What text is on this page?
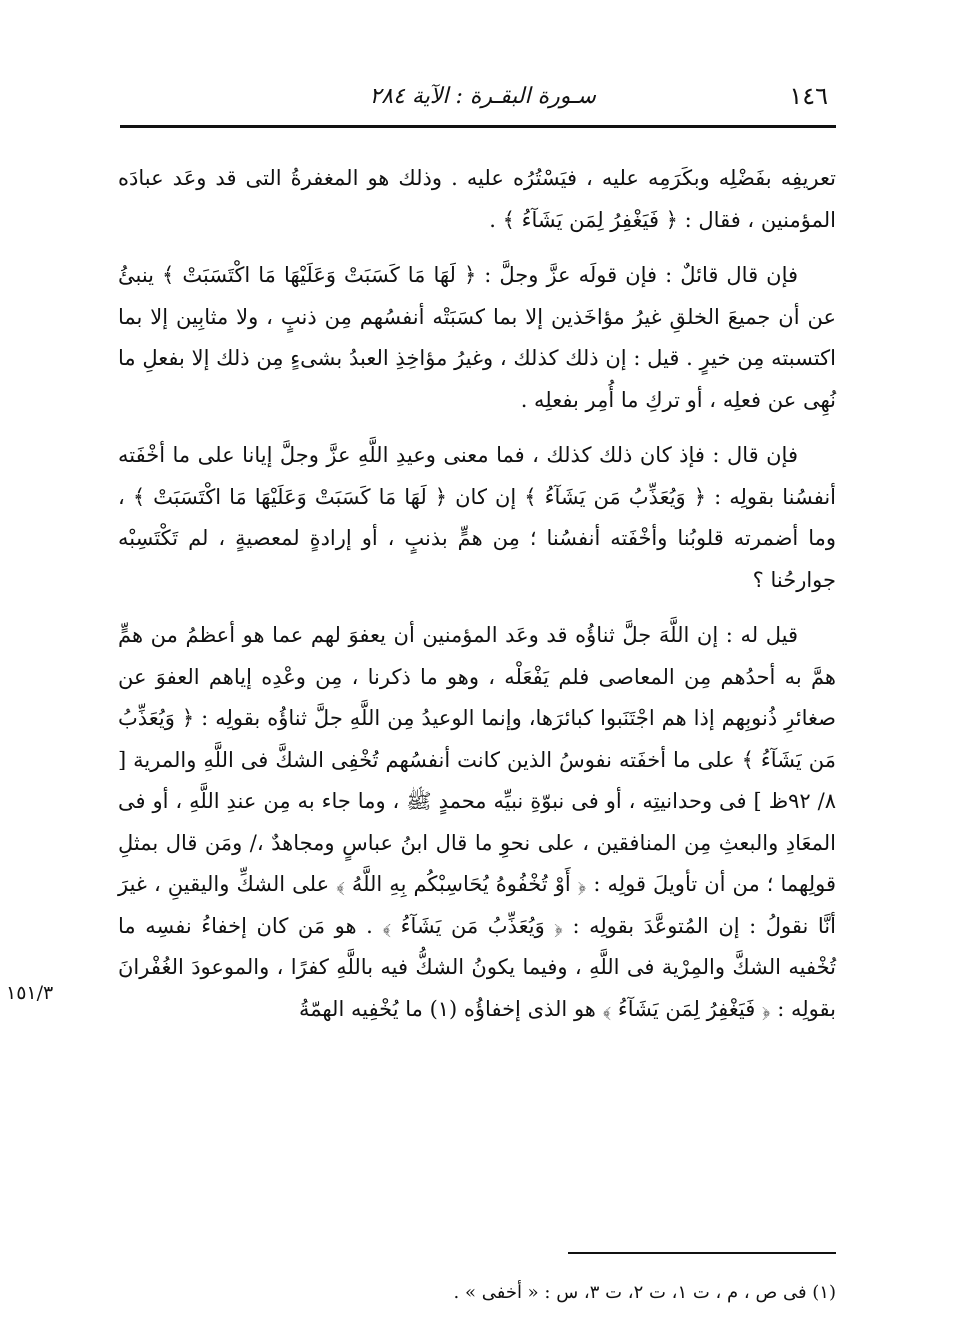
١٤٦
سـورة البقـرة : الآية ٢٨٤

تعريفِه بفَضْلِه وبكَرَمِه عليه ، فيَسْتُرُه عليه . وذلك هو المغفرةُ التى قد وعَد عبادَه المؤمنين ، فقال : ﴿ فَيَغْفِرُ لِمَن يَشَآءُ ﴾ .

فإن قال قائلٌ : فإن قولَه عزَّ وجلَّ : ﴿ لَهَا مَا كَسَبَتْ وَعَلَيْهَا مَا اكْتَسَبَتْ ﴾ ينبئُ عن أن جميعَ الخلقِ غيرُ مؤاخَذين إلا بما كسَبَتْه أنفسُهم مِن ذنبٍ ، ولا مثابِين إلا بما اكتسبته مِن خيرٍ . قيل : إن ذلك كذلك ، وغيرُ مؤاخِذِ العبدُ بشىءٍ مِن ذلك إلا بفعلِ ما نُهِى عن فعلِه ، أو تركِ ما أُمِر بفعلِه .

فإن قال : فإذ كان ذلك كذلك ، فما معنى وعيدِ اللَّهِ عزَّ وجلَّ إيانا على ما أخْفَته أنفسُنا بقولِه : ﴿ وَيُعَذِّبُ مَن يَشَآءُ ﴾ إن كان ﴿ لَهَا مَا كَسَبَتْ وَعَلَيْهَا مَا اكْتَسَبَتْ ﴾ ، وما أضمرته قلوبُنا وأخْفَته أنفسُنا ؛ مِن همٍّ بذنبٍ ، أو إرادةٍ لمعصيةٍ ، لم تَكْتَسِبْه جوارحُنا ؟

قيل له : إن اللَّهَ جلَّ ثناؤُه قد وعَد المؤمنين أن يعفوَ لهم عما هو أعظمُ من همٍّ همَّ به أحدُهم مِن المعاصى فلم يَفْعَلْه ، وهو ما ذكرنا ، مِن وعْدِه إياهم العفوَ عن صغائرِ ذُنوبِهم إذا هم اجْتَنَبوا كبائرَها، وإنما الوعيدُ مِن اللَّهِ جلَّ ثناؤُه بقولِه : ﴿ وَيُعَذِّبُ مَن يَشَآءُ ﴾ على ما أخفَته نفوسُ الذين كانت أنفسُهم تُخْفِى الشكَّ فى اللَّهِ والمرية [ ٨/ ٩٢ظ ] فى وحدانيتِه ، أو فى نبوّةِ نبيِّه محمدٍ ﷺ ، وما جاء به مِن عندِ اللَّهِ ، أو فى المعَادِ والبعثِ مِن المنافقين ، على نحوِ ما قال ابنُ عباسٍ ومجاهدٌ ،/ ومَن قال بمثلِ قولِهما ؛ من أن تأويلَ قولِه : ﴿ أَوْ تُخْفُوهُ يُحَاسِبْكُم بِهِ اللَّهُ ﴾ على الشكِّ واليقينِ ، غيرَ أنَّا نقولُ : إن المُتوعَّدَ بقولِه : ﴿ وَيُعَذِّبُ مَن يَشَآءُ ﴾ . هو مَن كان إخفاءُ نفسِه ما تُخْفيه الشكَّ والمِرْية فى اللَّهِ ، وفيما يكونُ الشكُّ فيه باللَّهِ كفرًا ، والموعودَ الغُفْرانَ بقولِه : ﴿ فَيَغْفِرُ لِمَن يَشَآءُ ﴾ هو الذى إخفاؤُه (١) ما يُخْفِيه الهمّةُ

١٥١/٣
(١) فى ص ، م ، ت ١، ت ٢، ت ٣، س : « أخفى » .
